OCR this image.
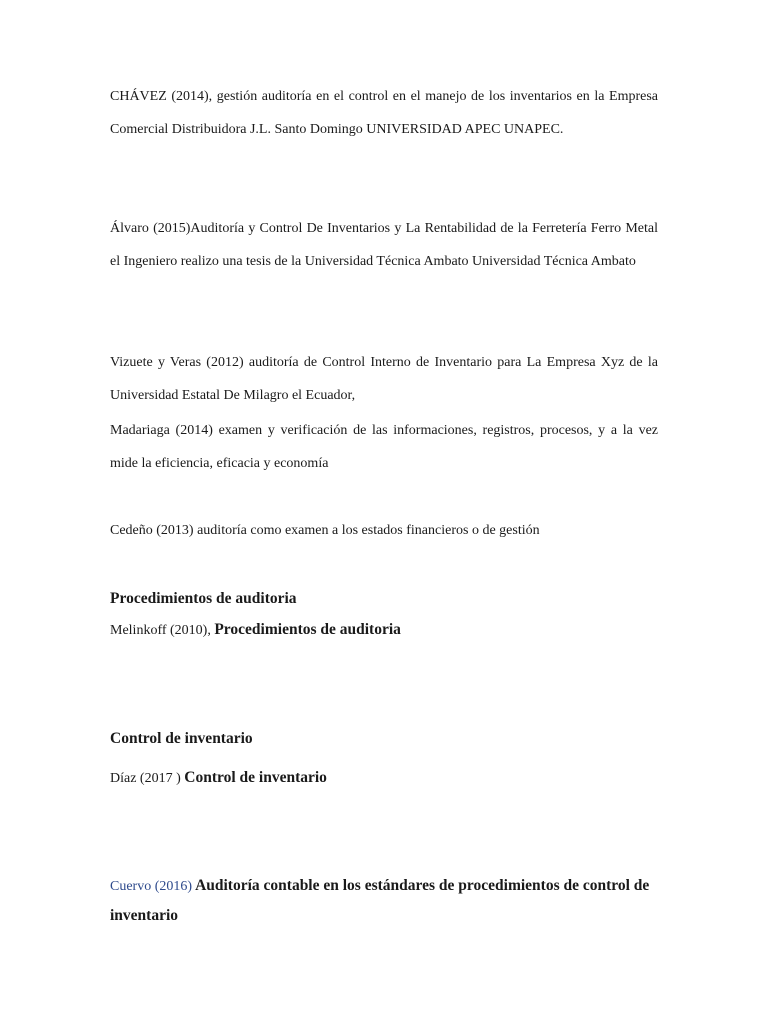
CHÁVEZ (2014), gestión auditoría en el control en el manejo de los inventarios en la Empresa Comercial Distribuidora J.L. Santo Domingo UNIVERSIDAD APEC UNAPEC.
Álvaro (2015)Auditoría y Control De Inventarios y La Rentabilidad de la Ferretería Ferro Metal el Ingeniero realizo una tesis de la Universidad Técnica Ambato Universidad Técnica Ambato
Vizuete y Veras (2012) auditoría de Control Interno de Inventario para La Empresa Xyz de la Universidad Estatal De Milagro el Ecuador,
Madariaga (2014) examen y verificación de las informaciones, registros, procesos, y a la vez mide la eficiencia, eficacia y economía
Cedeño (2013) auditoría como examen a los estados financieros o de gestión
Procedimientos de auditoria
Melinkoff (2010), Procedimientos de auditoria
Control de inventario
Díaz (2017 ) Control de inventario
Cuervo (2016) Auditoría contable en los estándares de procedimientos de control de inventario
